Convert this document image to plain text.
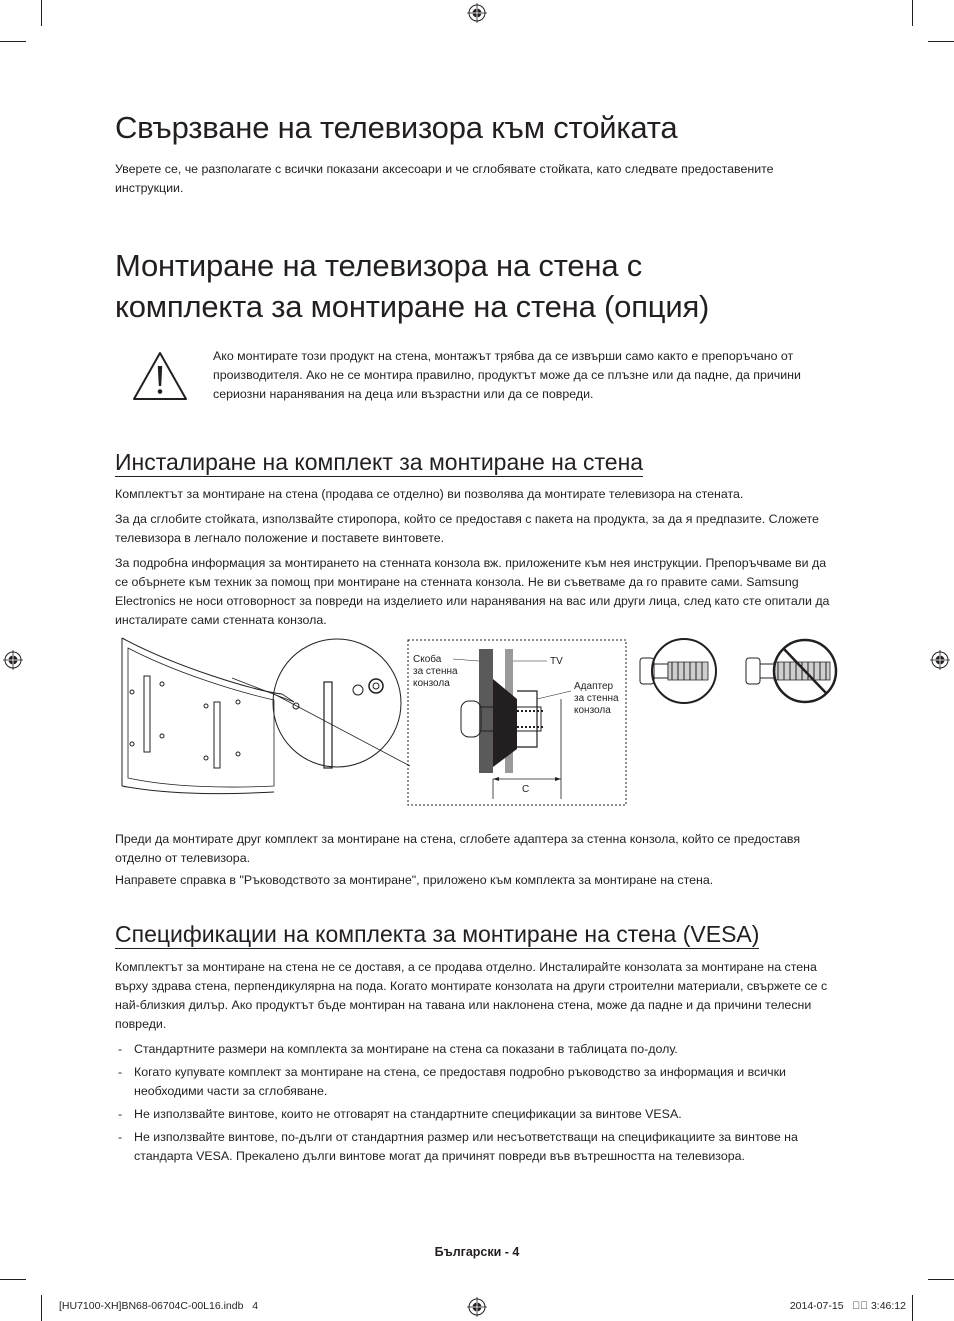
Свързване на телевизора към стойката

Уверете се, че разполагате с всички показани аксесоари и че сглобявате стойката, като следвате предоставените инструкции.

Монтиране на телевизора на стена с
комплекта за монтиране на стена (опция)

Ако монтирате този продукт на стена, монтажът трябва да се извърши само както е препоръчано от производителя. Ако не се монтира правилно, продуктът може да се плъзне или да падне, да причини сериозни наранявания на деца или възрастни или да се повреди.

Инсталиране на комплект за монтиране на стена

Комплектът за монтиране на стена (продава се отделно) ви позволява да монтирате телевизора на стената.

За да сглобите стойката, използвайте стиропора, който се предоставя с пакета на продукта, за да я предпазите. Сложете телевизора в легнало положение и поставете винтовете.

За подробна информация за монтирането на стенната конзола вж. приложените към нея инструкции. Препоръчваме ви да се обърнете към техник за помощ при монтиране на стенната конзола. Не ви съветваме да го правите сами. Samsung Electronics не носи отговорност за повреди на изделието или наранявания на вас или други лица, след като сте опитали да инсталирате сами стенната конзола.

Скоба
за стенна
конзола
TV
Адаптер
за стенна
конзола
C

Преди да монтирате друг комплект за монтиране на стена, сглобете адаптера за стенна конзола, който се предоставя отделно от телевизора.

Направете справка в "Ръководството за монтиране", приложено към комплекта за монтиране на стена.

Спецификации на комплекта за монтиране на стена (VESA)

Комплектът за монтиране на стена не се доставя, а се продава отделно. Инсталирайте конзолата за монтиране на стена върху здрава стена, перпендикулярна на пода. Когато монтирате конзолата на други строителни материали, свържете се с най-близкия дилър. Ако продуктът бъде монтиран на тавана или наклонена стена, може да падне и да причини телесни повреди.

- Стандартните размери на комплекта за монтиране на стена са показани в таблицата по-долу.

- Когато купувате комплект за монтиране на стена, се предоставя подробно ръководство за информация и всички необходими части за сглобяване.

- Не използвайте винтове, които не отговарят на стандартните спецификации за винтове VESA.

- Не използвайте винтове, по-дълги от стандартния размер или несъответстващи на спецификациите за винтове на стандарта VESA. Прекалено дълги винтове могат да причинят повреди във вътрешността на телевизора.

Български - 4
[HU7100-XH]BN68-06704C-00L16.indb   4	2014-07-15   ￿￿ 3:46:12
